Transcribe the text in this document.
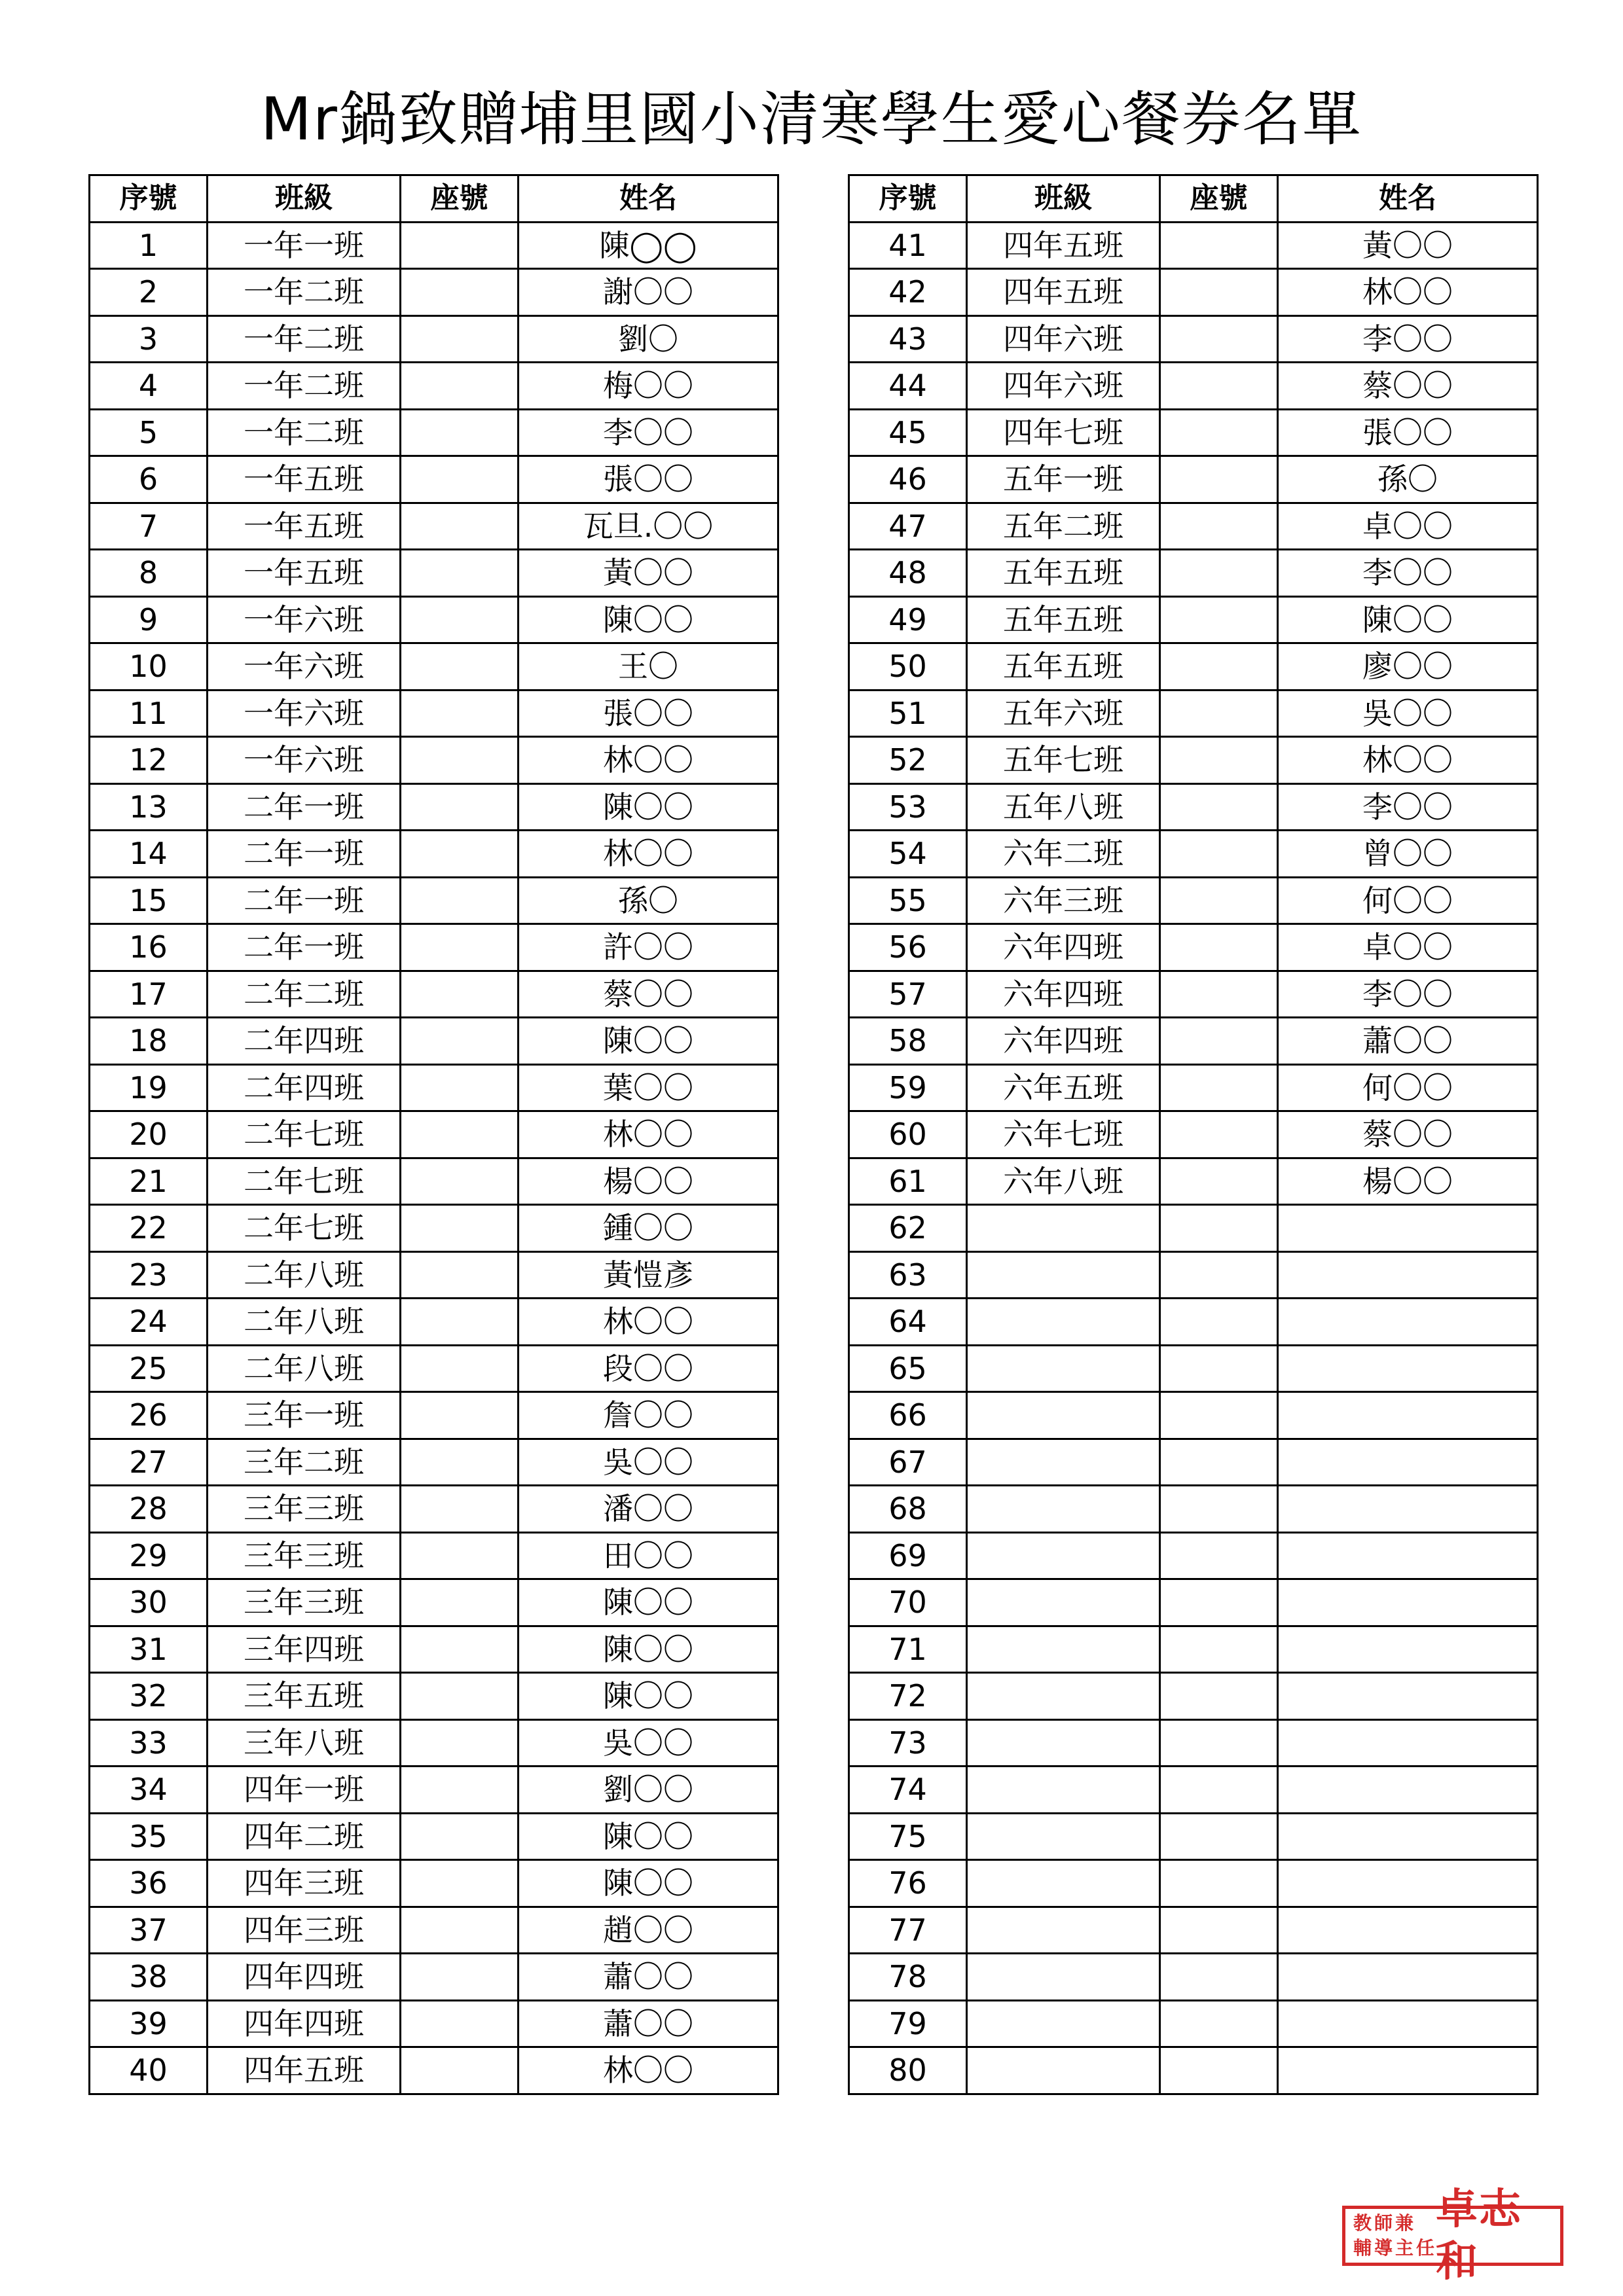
Mr鍋致贈埔里國小清寒學生愛心餐券名單
序號	班級	座號	姓名
1	一年一班		陳◯◯
2	一年二班		謝〇〇
3	一年二班		劉〇
4	一年二班		梅〇〇
5	一年二班		李〇〇
6	一年五班		張〇〇
7	一年五班		瓦旦.〇〇
8	一年五班		黃〇〇
9	一年六班		陳〇〇
10	一年六班		王〇
11	一年六班		張〇〇
12	一年六班		林〇〇
13	二年一班		陳〇〇
14	二年一班		林〇〇
15	二年一班		孫〇
16	二年一班		許〇〇
17	二年二班		蔡〇〇
18	二年四班		陳〇〇
19	二年四班		葉〇〇
20	二年七班		林〇〇
21	二年七班		楊〇〇
22	二年七班		鍾〇〇
23	二年八班		黃愷彥
24	二年八班		林〇〇
25	二年八班		段〇〇
26	三年一班		詹〇〇
27	三年二班		吳〇〇
28	三年三班		潘〇〇
29	三年三班		田〇〇
30	三年三班		陳〇〇
31	三年四班		陳〇〇
32	三年五班		陳〇〇
33	三年八班		吳〇〇
34	四年一班		劉〇〇
35	四年二班		陳〇〇
36	四年三班		陳〇〇
37	四年三班		趙〇〇
38	四年四班		蕭〇〇
39	四年四班		蕭〇〇
40	四年五班		林〇〇
序號	班級	座號	姓名
41	四年五班		黃〇〇
42	四年五班		林〇〇
43	四年六班		李〇〇
44	四年六班		蔡〇〇
45	四年七班		張〇〇
46	五年一班		孫〇
47	五年二班		卓〇〇
48	五年五班		李〇〇
49	五年五班		陳〇〇
50	五年五班		廖〇〇
51	五年六班		吳〇〇
52	五年七班		林〇〇
53	五年八班		李〇〇
54	六年二班		曾〇〇
55	六年三班		何〇〇
56	六年四班		卓〇〇
57	六年四班		李〇〇
58	六年四班		蕭〇〇
59	六年五班		何〇〇
60	六年七班		蔡〇〇
61	六年八班		楊〇〇
62			
63			
64			
65			
66			
67			
68			
69			
70			
71			
72			
73			
74			
75			
76			
77			
78			
79			
80			
教 師
輔 導
兼
主 任
卓志和
